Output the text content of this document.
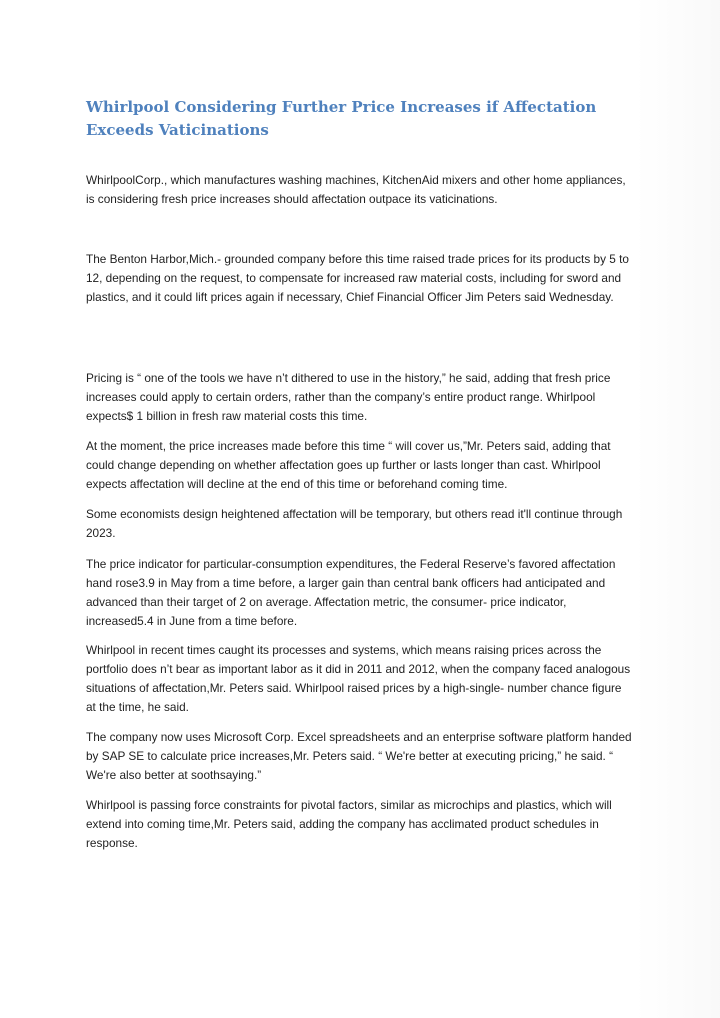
Whirlpool Considering Further Price Increases if Affectation Exceeds Vaticinations

WhirlpoolCorp., which manufactures washing machines, KitchenAid mixers and other home appliances, is considering fresh price increases should affectation outpace its vaticinations.

The Benton Harbor,Mich.- grounded company before this time raised trade prices for its products by 5 to 12, depending on the request, to compensate for increased raw material costs, including for sword and plastics, and it could lift prices again if necessary, Chief Financial Officer Jim Peters said Wednesday.

Pricing is “ one of the tools we have n’t dithered to use in the history,” he said, adding that fresh price increases could apply to certain orders, rather than the company’s entire product range. Whirlpool expects$ 1 billion in fresh raw material costs this time.

At the moment, the price increases made before this time “ will cover us,”Mr. Peters said, adding that could change depending on whether affectation goes up further or lasts longer than cast. Whirlpool expects affectation will decline at the end of this time or beforehand coming time.

Some economists design heightened affectation will be temporary, but others read it'll continue through 2023.

The price indicator for particular-consumption expenditures, the Federal Reserve’s favored affectation hand rose3.9 in May from a time before, a larger gain than central bank officers had anticipated and advanced than their target of 2 on average. Affectation metric, the consumer- price indicator, increased5.4 in June from a time before.

Whirlpool in recent times caught its processes and systems, which means raising prices across the portfolio does n’t bear as important labor as it did in 2011 and 2012, when the company faced analogous situations of affectation,Mr. Peters said. Whirlpool raised prices by a high-single- number chance figure at the time, he said.

The company now uses Microsoft Corp. Excel spreadsheets and an enterprise software platform handed by SAP SE to calculate price increases,Mr. Peters said. “ We're better at executing pricing,” he said. “ We're also better at soothsaying.”

Whirlpool is passing force constraints for pivotal factors, similar as microchips and plastics, which will extend into coming time,Mr. Peters said, adding the company has acclimated product schedules in response.
